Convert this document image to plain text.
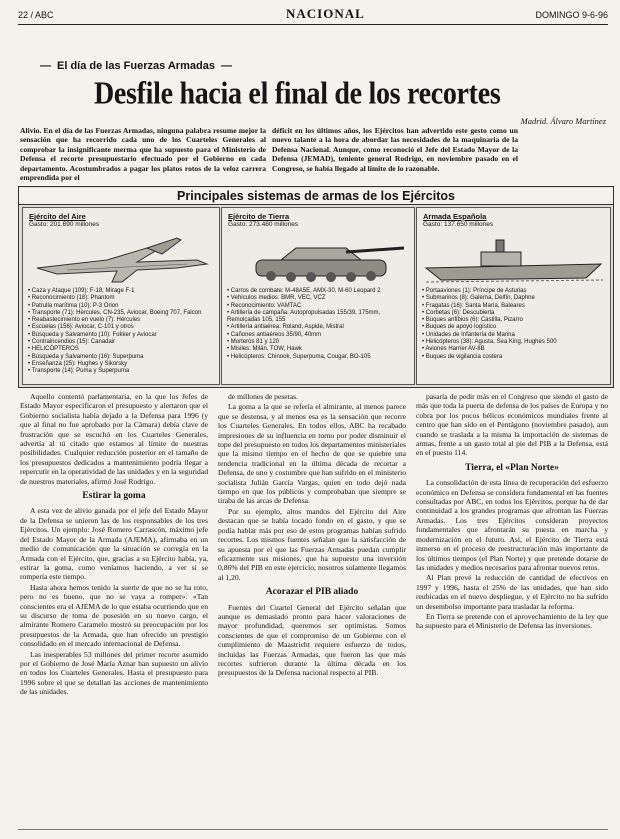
22 / ABC	NACIONAL	DOMINGO 9-6-96
— El día de las Fuerzas Armadas —
Desfile hacia el final de los recortes
Madrid. Álvaro Martínez

Alivio. En el día de las Fuerzas Armadas, ninguna palabra resume mejor la sensación que ha recorrido cada uno de los Cuarteles Generales al comprobar la insignificante merma que ha supuesto para el Ministerio de Defensa el recorte presupuestario efectuado por el Gobierno en cada departamento. Acostumbrados a pagar los platos rotos de la veloz carrera emprendida por el

déficit en los últimos años, los Ejércitos han advertido este gesto como un nuevo talante a la hora de abordar las necesidades de la maquinaria de la Defensa Nacional. Aunque, como reconoció el Jefe del Estado Mayor de la Defensa (JEMAD), teniente general Rodrigo, en noviembre pasado en el Congreso, se había llegado al límite de lo razonable.

Principales sistemas de armas de los Ejércitos
Ejército del Aire
Gasto: 201.690 millones
• Caza y Ataque (109): F-18, Mirage F-1
• Reconocimiento (18): Phantom
• Patrulla marítima (10): P-3 Orion
• Transporte (71): Hércules, CN-235, Aviocar, Boeing 707, Falcon
• Reabastecimiento en vuelo (7): Hércules
• Escuelas (156): Aviocar, C-101 y otros
• Búsqueda y Salvamento (10): Fokker y Aviocar
• Contraincendios (15): Canadair
• HELICÓPTEROS
• Búsqueda y Salvamento (16): Superpuma
• Enseñanza (25): Hughes y Sikorsky
• Transporte (14): Puma y Superpuma
Ejército de Tierra
Gasto: 273.480 millones
• Carros de combate: M-48A5E, AMX-30, M-60 Leopard 2
• Vehículos medios: BMR, VEC, VCZ
• Reconocimiento: VAMTAC
• Artillería de campaña: Autopropulsadas 155/39, 175mm, Remolcadas 105, 155
• Artillería antiaérea: Roland, Aspide, Mistral
• Cañones antiaéreos 35/90, 40mm
• Morteros 81 y 120
• Misiles: Milán, TOW, Hawk
• Helicópteros: Chinook, Superpuma, Cougar, BO-105
Armada Española
Gasto: 137.650 millones
• Portaaviones (1): Príncipe de Asturias
• Submarinos (8): Galerna, Delfín, Daphne
• Fragatas (16): Santa María, Baleares
• Corbetas (6): Descubierta
• Buques anfibios (6): Castilla, Pizarro
• Buques de apoyo logístico
• Unidades de Infantería de Marina
• Helicópteros (38): Agusta, Sea King, Hughes 500
• Aviones Harrier AV-8B
• Buques de vigilancia costera

Aquello contentó parlamentaria, en la que los Jefes de Estado Mayor especificaron el presupuesto y alertaron que el Gobierno socialista había dejado a la Defensa para 1996 (y que al final no fue aprobado por la Cámara) debía clave de frustración que se escuchó en los Cuarteles Generales, advertía al tú citado que estamos al límite de nuestras posibilidades. Cualquier reducción posterior en el tamaño de los presupuestos dedicados a mantenimiento podría llegar a repercutir en la operatividad de las unidades y en la seguridad de nuestros materiales, afirmó José Rodrigo.

Estirar la goma

A esta vez de alivio ganada por el jefe del Estado Mayor de la Defensa se unieron las de los responsables de los tres Ejércitos. Un ejemplo: José Romero Carrascón, máximo jefe del Estado Mayor de la Armada (AJEMA), afirmaba en un medio de comunicación que la situación se corregía en la Armada con el Ejército, que, gracias a su Ejército había, ya, estirar la goma, como veníamos haciendo, a ver si se rompería este tiempo.

Hasta ahora hemos tenido la suerte de que no se ha roto, pero no es bueno, que no se vaya a romper». «Tan conscientes era el AJEMA de lo que estaba ocurriendo que en su discurso de toma de posesión en su nuevo cargo, el almirante Romero Caramelo mostró su preocupación por los presupuestos de la Armada, que han ofrecido un prestigio consolidado en el mercado internacional de Defensa.

Las inesperables 53 millones del primer recorte asumido por el Gobierno de José María Aznar han supuesto un alivio en todos los Cuarteles Generales. Hasta el presupuesto para 1996 sobre el que se detallan las acciones de mantenimiento de las unidades.

de millones de pesetas.

La goma a la que se refería el almirante, al menos parece que se destensa, y al menos esa es la sensación que recorre los Cuarteles Generales. En todos ellos, ABC ha recabado impresiones de su influencia en torno por poder disminuir el tope del presupuesto en todos los departamentos ministeriales que la mismo tiempo en el hecho de que se quiebre una tendencia tradicional en la última década de recortar a Defensa, de uno y costumbre que han sufrido en el ministerio socialista Julián García Vargas, quien en todo dejó nada tiempo en que los públicos y comprobaban que siempre se tiraba de las arcas de Defensa.

Por su ejemplo, altos mandos del Ejército del Aire destacan que se había tocado fondo en el gasto, y que se podía hablar más por eso de estos programas habían sufrido recortes. Los mismos fuentes señalan que la satisfacción de su apuesta por el que las Fuerzas Armadas puedan cumplir eficazmente sus misiones, que ha supuesto una inversión 0,86% del PIB en este ejercicio, nosotros solamente llegamos al 1,20.

Acorazar el PIB aliado

Fuentes del Cuartel General del Ejército señalan que aunque es demasiado pronto para hacer valoraciones de mayor profundidad, queremos ser optimistas. Somos conscientes de que el compromiso de un Gobierno con el cumplimiento de Maastricht requiere esfuerzo de todos, incluidas las Fuerzas Armadas, que fueron las que más recortes sufrieron durante la última década en los presupuestos de la Defensa nacional respecto al PIB.

pasaría de pedir más en el Congreso que siendo el gasto de más que toda la puerta de defensa de los países de Europa y no cobra por los pocos bélicos económicos mundiales frente al centro que han sido en el Pentágono (noviembre pasado), aun cuando se traslada a la misma la importación de sistemas de armas, frente a un gasto total al pie del PIB a la Defensa, está en el puesto 114.

Tierra, el «Plan Norte»

La consolidación de esta línea de recuperación del esfuerzo económico en Defensa se considera fundamental en las fuentes consultadas por ABC, en todos los Ejércitos, porque ha de dar continuidad a los grandes programas que afrontan las Fuerzas Armadas. Los tres Ejércitos consideran proyectos fundamentales que afrontarán su puesta en marcha y modernización en el futuro. Así, el Ejército de Tierra está inmerso en el proceso de reestructuración más importante de los últimos tiempos (el Plan Norte) y que pretende dotarse de las unidades y medios necesarios para afrontar nuevos retos.

Al Plan prevé la reducción de cantidad de efectivos en 1997 y 1996, hasta el 25% de las unidades, que han sido reubicadas en el nuevo despliegue, y el Ejército no ha sufrido un desembolso importante para trasladar la reforma.

En Tierra se pretende con el aprovechamiento de la ley que ha supuesto para el Ministerio de Defensa las inversiones.
